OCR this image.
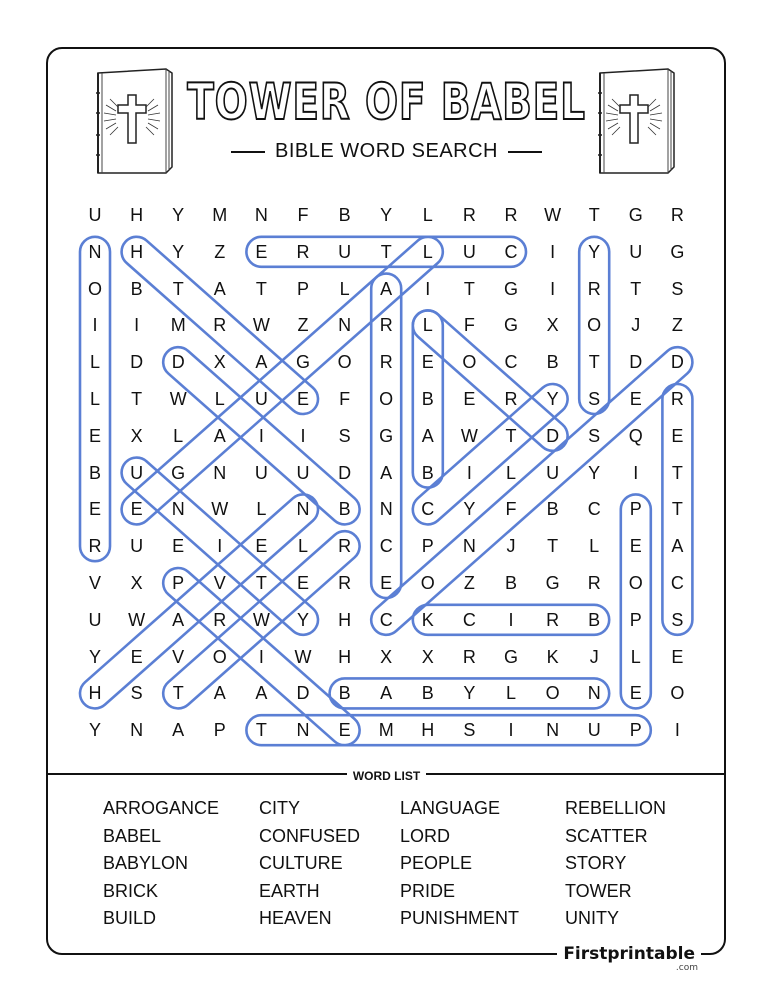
TOWER OF BABEL
BIBLE WORD SEARCH
U	H	Y	M	N	F	B	Y	L	R	R	W	T	G	R
N	H	Y	Z	E	R	U	T	L	U	C	I	Y	U	G
O	B	T	A	T	P	L	A	I	T	G	I	R	T	S
I	I	M	R	W	Z	N	R	L	F	G	X	O	J	Z
L	D	D	X	A	G	O	R	E	O	C	B	T	D	D
L	T	W	L	U	E	F	O	B	E	R	Y	S	E	R
E	X	L	A	I	I	S	G	A	W	T	D	S	Q	E
B	U	G	N	U	U	D	A	B	I	L	U	Y	I	T
E	E	N	W	L	N	B	N	C	Y	F	B	C	P	T
R	U	E	I	E	L	R	C	P	N	J	T	L	E	A
V	X	P	V	T	E	R	E	O	Z	B	G	R	O	C
U	W	A	R	W	Y	H	C	K	C	I	R	B	P	S
Y	E	V	O	I	W	H	X	X	R	G	K	J	L	E
H	S	T	A	A	D	B	A	B	Y	L	O	N	E	O
Y	N	A	P	T	N	E	M	H	S	I	N	U	P	I
WORD LIST
ARROGANCE
BABEL
BABYLON
BRICK
BUILD
CITY
CONFUSED
CULTURE
EARTH
HEAVEN
LANGUAGE
LORD
PEOPLE
PRIDE
PUNISHMENT
REBELLION
SCATTER
STORY
TOWER
UNITY
Firstprintable
.com
